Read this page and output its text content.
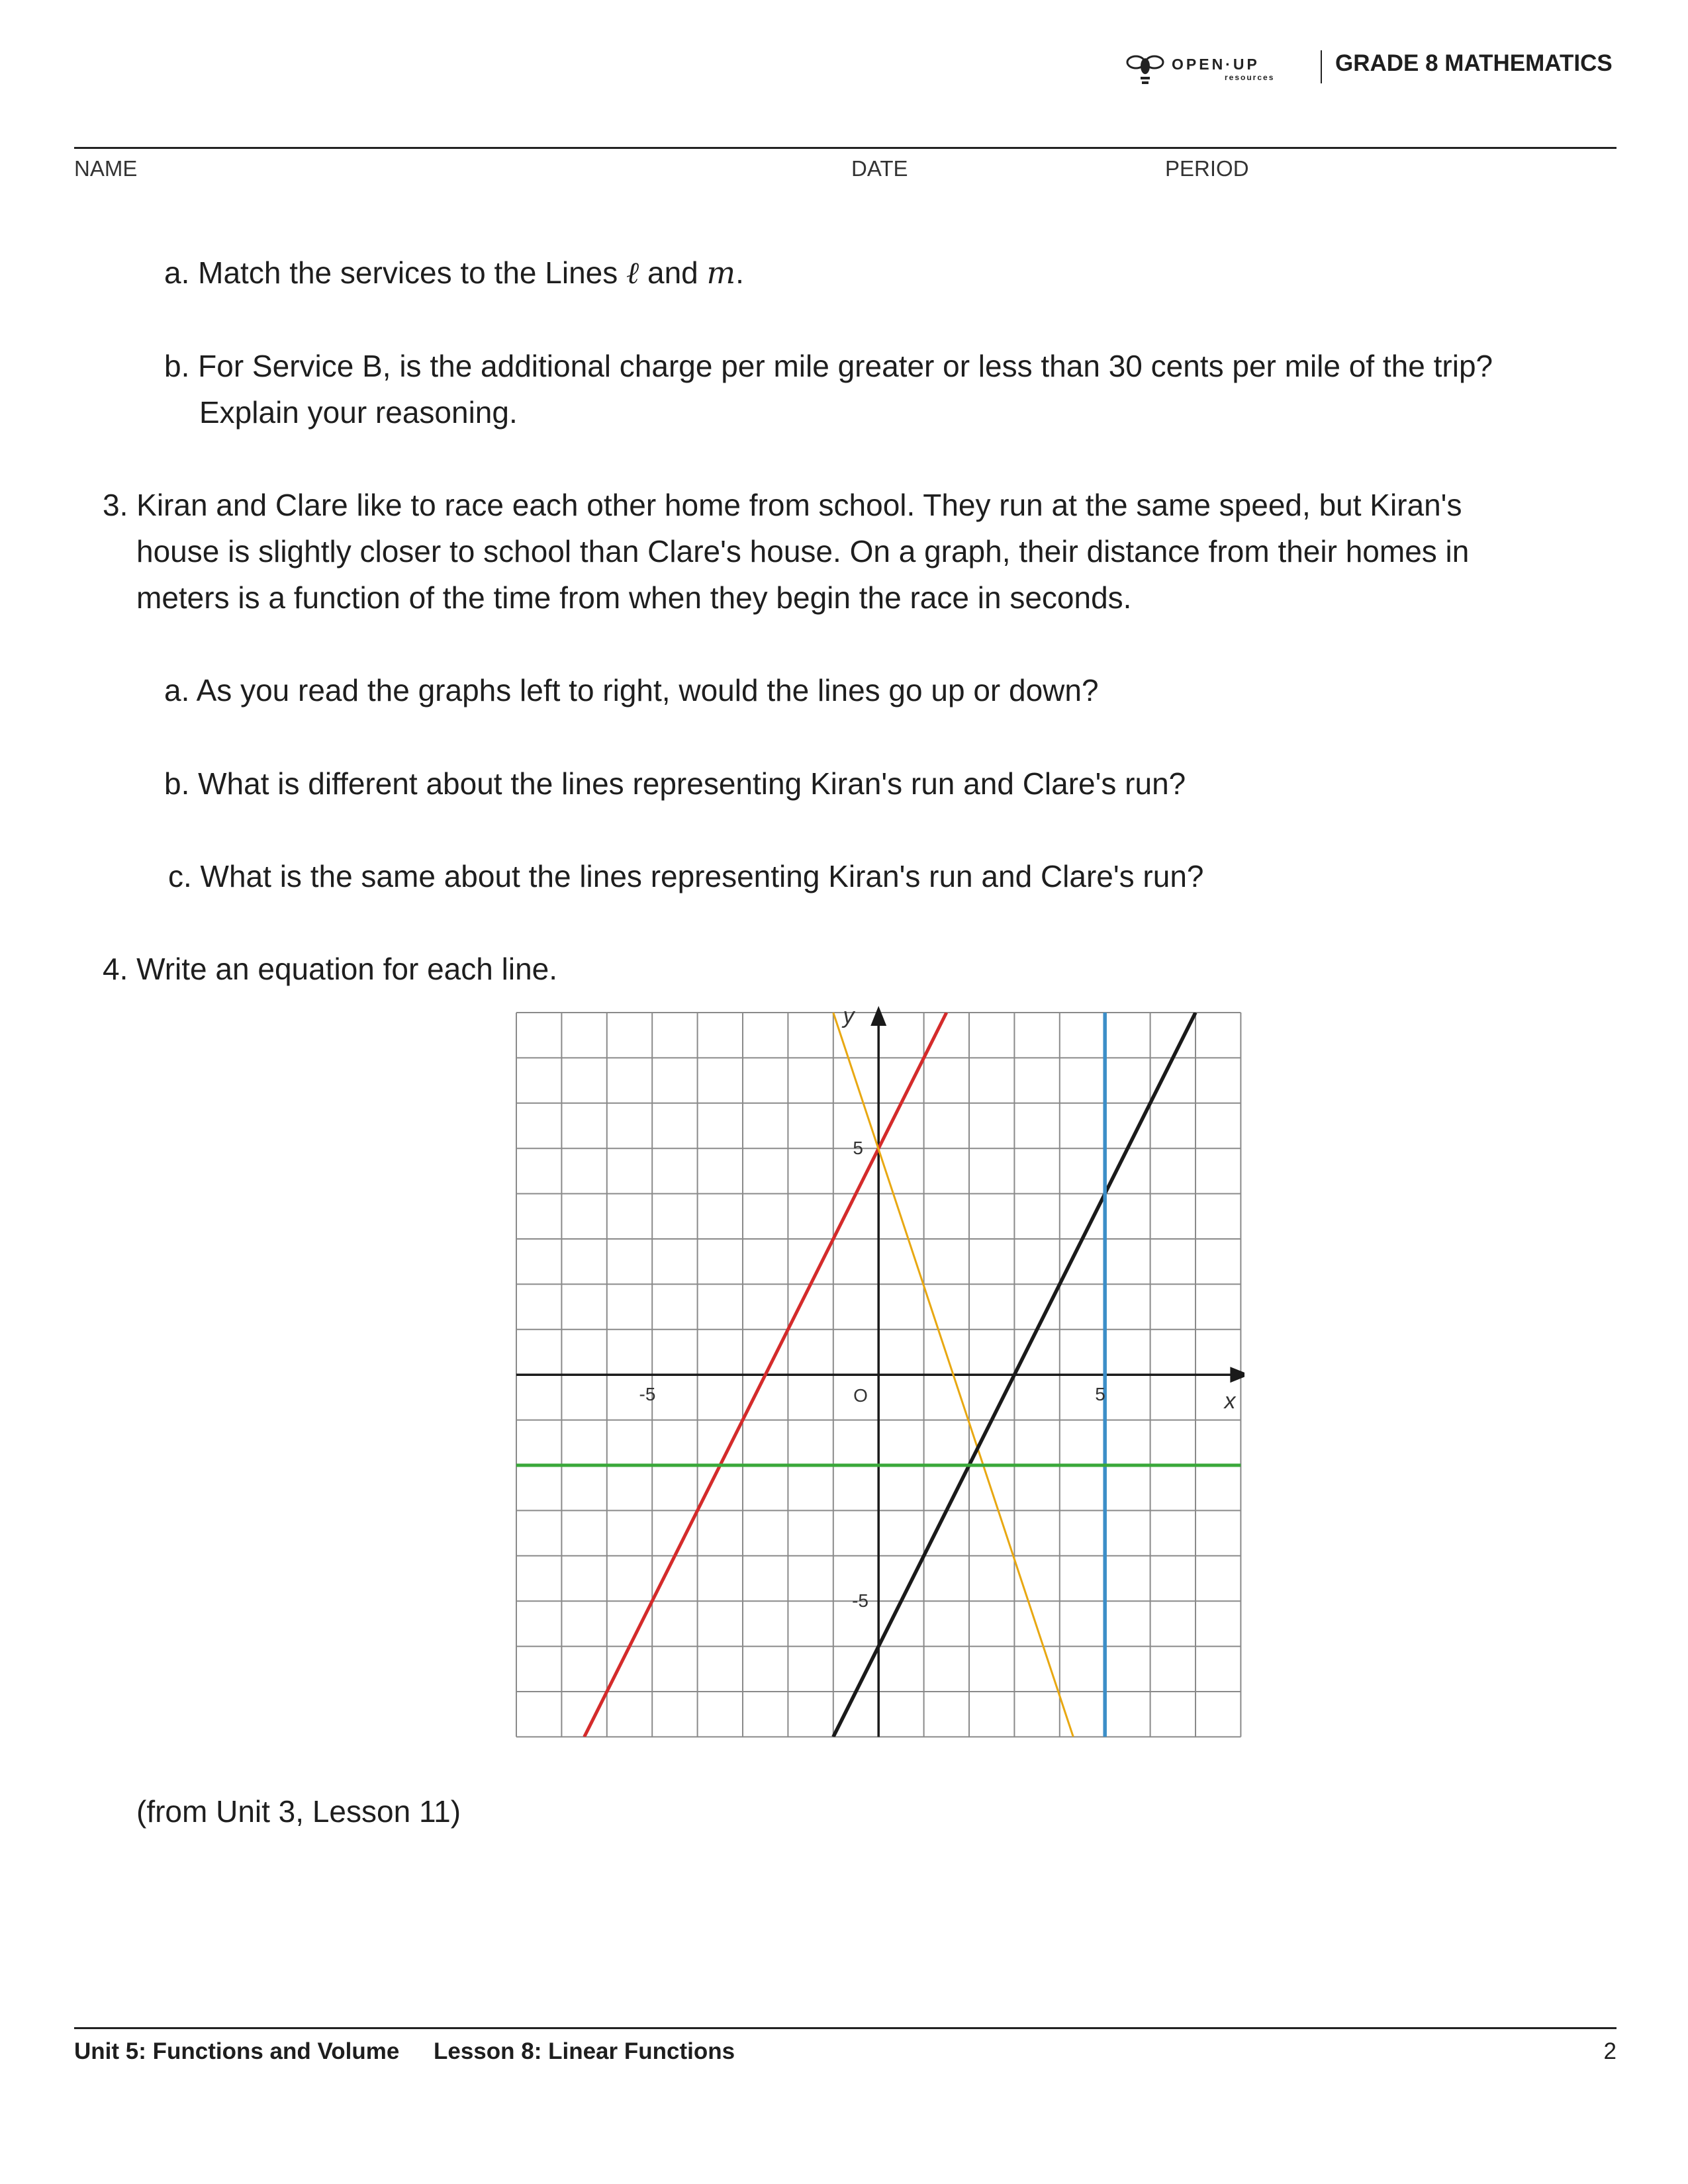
OPEN·UP
resources
GRADE 8 MATHEMATICS
NAME	DATE	PERIOD
a. Match the services to the Lines ℓ and m.
b. For Service B, is the additional charge per mile greater or less than 30 cents per mile of the trip?
Explain your reasoning.
3. Kiran and Clare like to race each other home from school. They run at the same speed, but Kiran's
house is slightly closer to school than Clare's house. On a graph, their distance from their homes in
meters is a function of the time from when they begin the race in seconds.
a. As you read the graphs left to right, would the lines go up or down?
b. What is different about the lines representing Kiran's run and Clare's run?
c. What is the same about the lines representing Kiran's run and Clare's run?
4. Write an equation for each line.
-5	5
5
-5
O	x
y
(from Unit 3, Lesson 11)
Unit 5: Functions and Volume Lesson 8: Linear Functions	2
